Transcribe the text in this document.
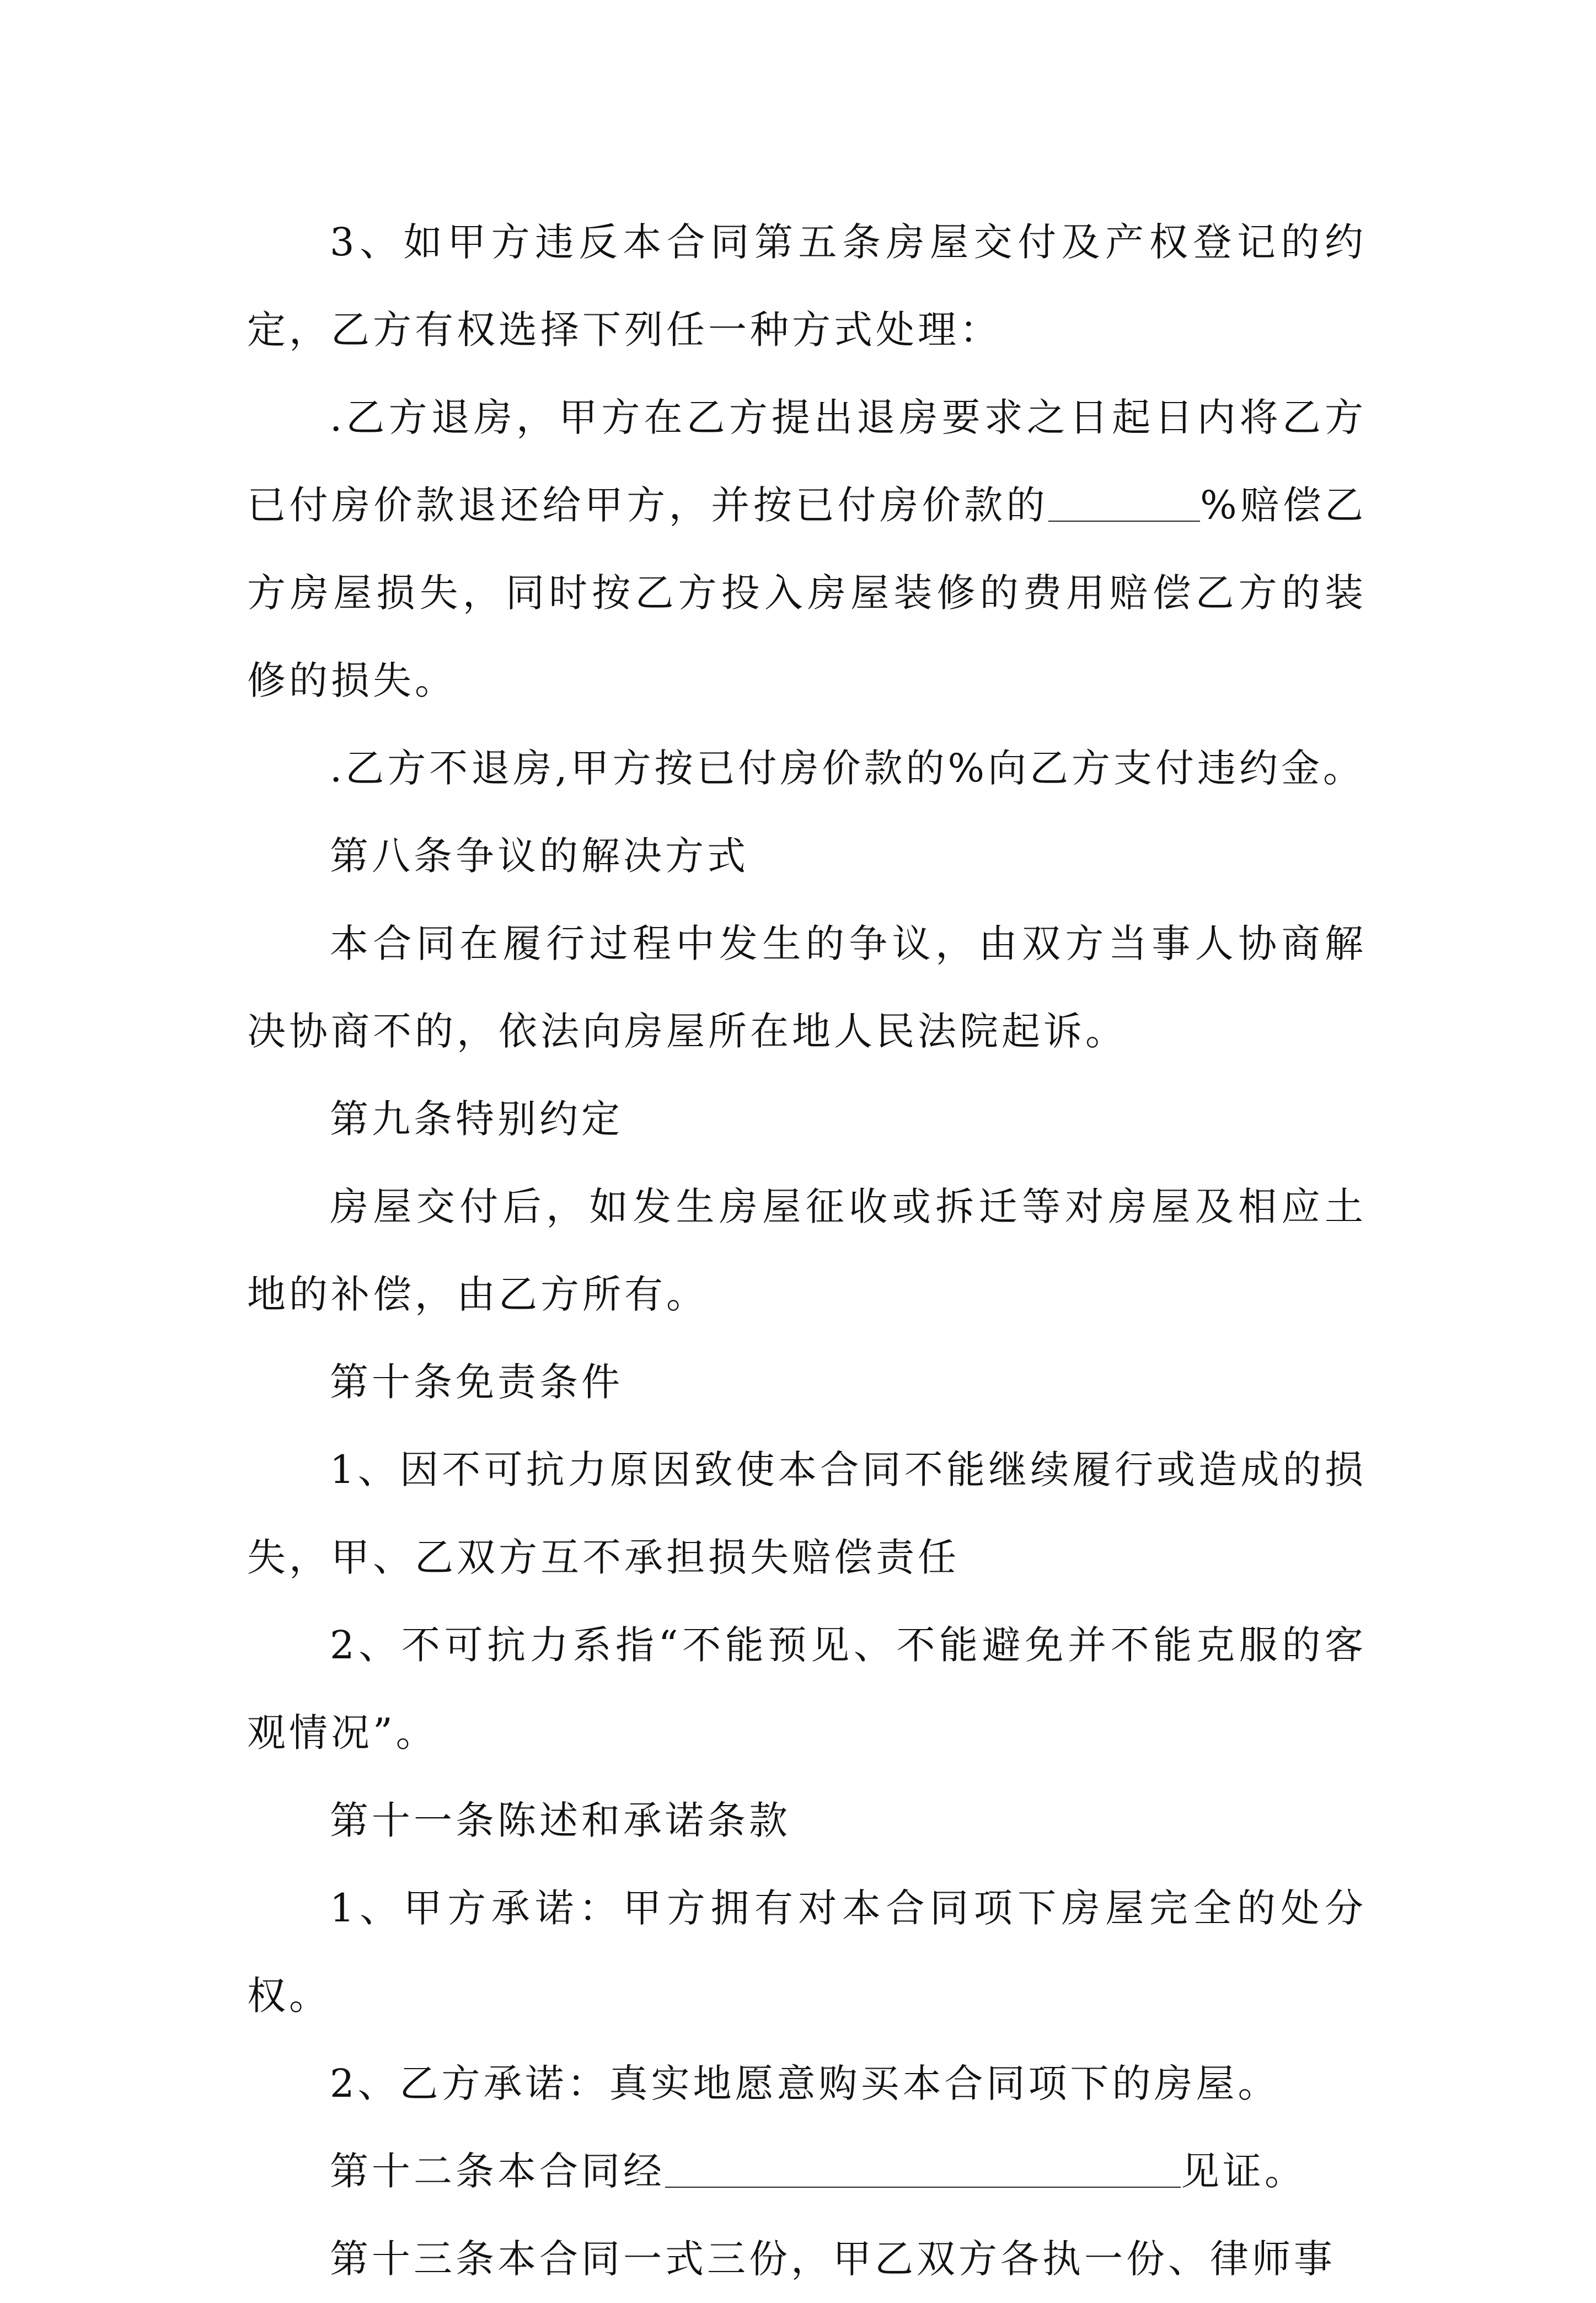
3、如甲方违反本合同第五条房屋交付及产权登记的约定，乙方有权选择下列任一种方式处理：

.乙方退房，甲方在乙方提出退房要求之日起日内将乙方已付房价款退还给甲方，并按已付房价款的	%赔偿乙方房屋损失，同时按乙方投入房屋装修的费用赔偿乙方的装修的损失。

.乙方不退房,甲方按已付房价款的%向乙方支付违约金。

第八条争议的解决方式

本合同在履行过程中发生的争议，由双方当事人协商解决协商不的，依法向房屋所在地人民法院起诉。

第九条特别约定

房屋交付后，如发生房屋征收或拆迁等对房屋及相应土地的补偿，由乙方所有。

第十条免责条件

1、因不可抗力原因致使本合同不能继续履行或造成的损失，甲、乙双方互不承担损失赔偿责任

2、不可抗力系指“不能预见、不能避免并不能克服的客观情况”。

第十一条陈述和承诺条款

1、甲方承诺：甲方拥有对本合同项下房屋完全的处分权。

2、乙方承诺：真实地愿意购买本合同项下的房屋。

第十二条本合同经	见证。

第十三条本合同一式三份，甲乙双方各执一份、律师事
